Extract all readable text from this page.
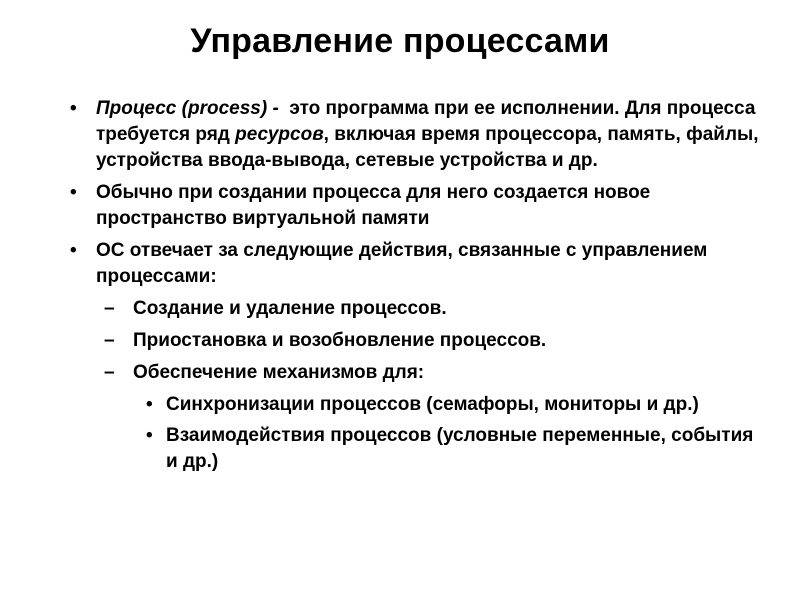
Управление процессами
• Процесс (process) -  это программа при ее исполнении. Для процесса требуется ряд ресурсов, включая время процессора, память, файлы, устройства ввода-вывода, сетевые устройства и др.
• Обычно при создании процесса для него создается новое пространство виртуальной памяти
• ОС отвечает за следующие действия, связанные с управлением процессами:
– Создание и удаление процессов.
– Приостановка и возобновление процессов.
– Обеспечение механизмов для:
• Синхронизации процессов (семафоры, мониторы и др.)
• Взаимодействия процессов (условные переменные, события и др.)
